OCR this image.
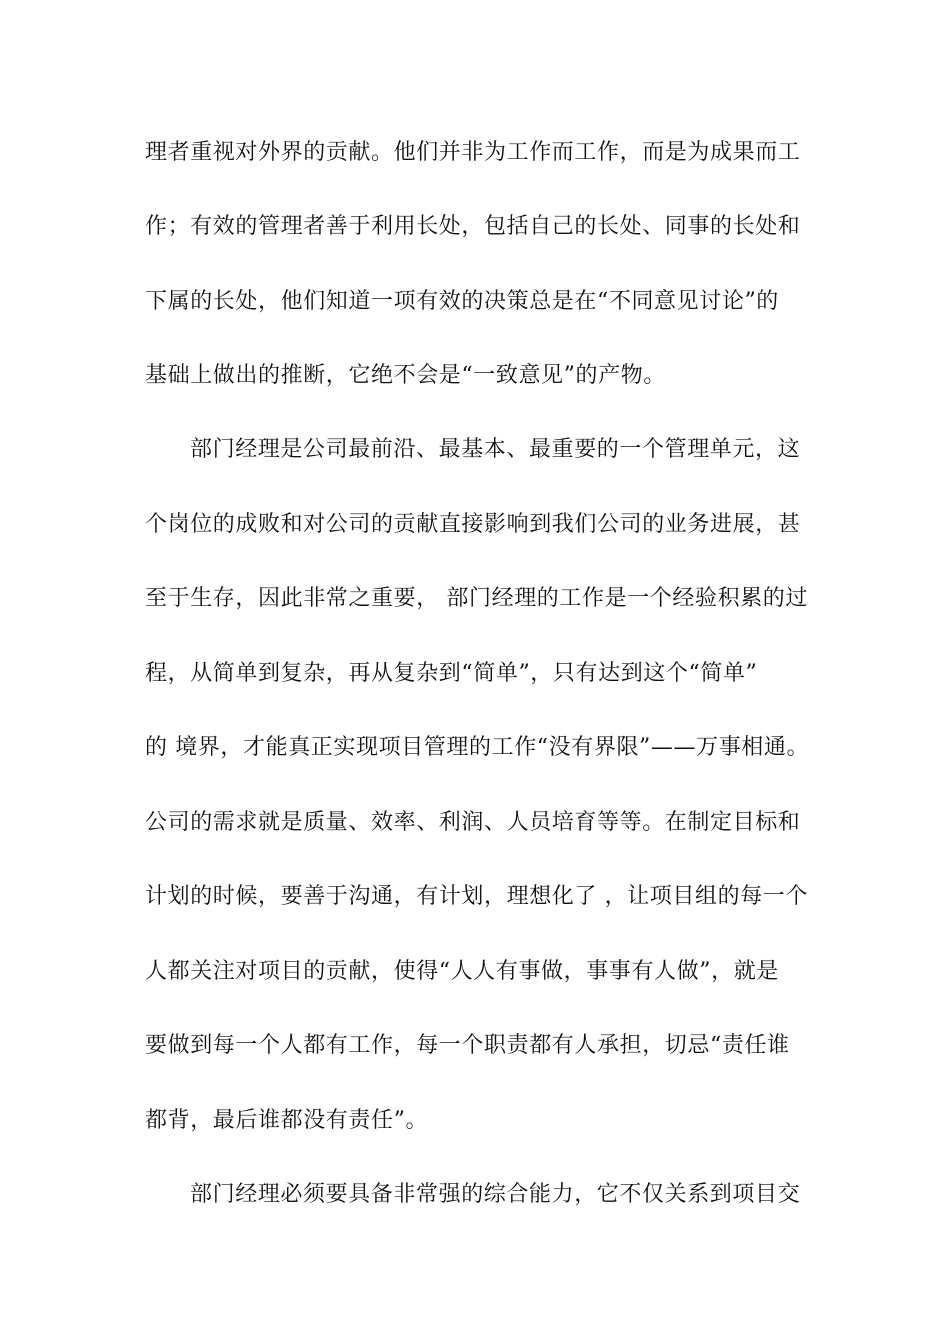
理者重视对外界的贡献。他们并非为工作而工作，而是为成果而工
作；有效的管理者善于利用长处，包括自己的长处、同事的长处和
下属的长处，他们知道一项有效的决策总是在“不同意见讨论”的
基础上做出的推断，它绝不会是“一致意见”的产物。
部门经理是公司最前沿、最基本、最重要的一个管理单元，这
个岗位的成败和对公司的贡献直接影响到我们公司的业务进展，甚
至于生存，因此非常之重要， 部门经理的工作是一个经验积累的过
程，从简单到复杂，再从复杂到“简单”，只有达到这个“简单”
的 境界，才能真正实现项目管理的工作“没有界限”——万事相通。
公司的需求就是质量、效率、利润、人员培育等等。在制定目标和
计划的时候，要善于沟通，有计划，理想化了 ，让项目组的每一个
人都关注对项目的贡献，使得“人人有事做，事事有人做”，就是
要做到每一个人都有工作，每一个职责都有人承担，切忌“责任谁
都背，最后谁都没有责任”。
部门经理必须要具备非常强的综合能力，它不仅关系到项目交
